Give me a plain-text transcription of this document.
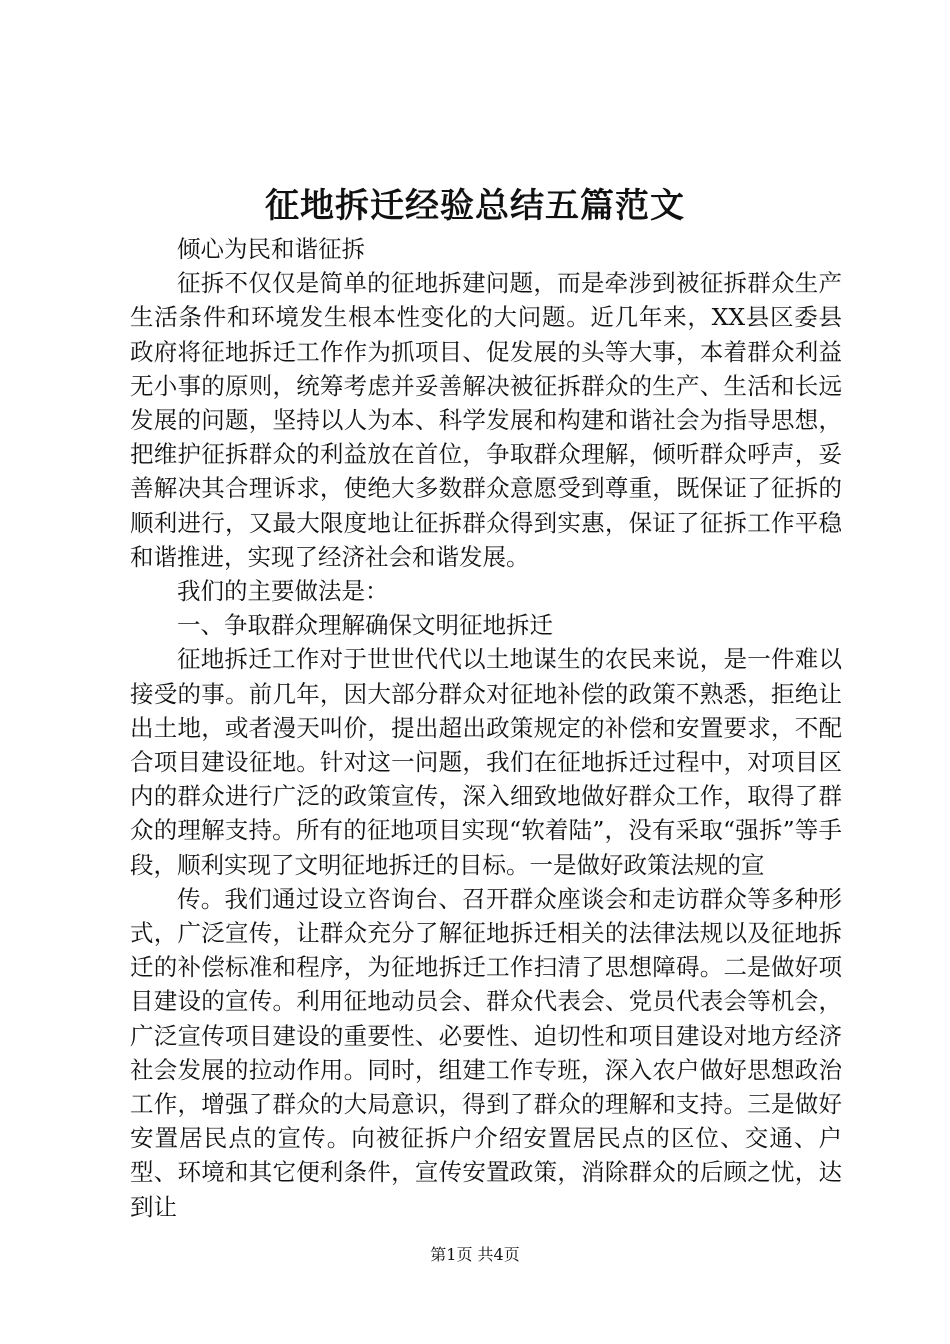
征地拆迁经验总结五篇范文

倾心为民和谐征拆

征拆不仅仅是简单的征地拆建问题，而是牵涉到被征拆群众生产生活条件和环境发生根本性变化的大问题。近几年来，XX县区委县政府将征地拆迁工作作为抓项目、促发展的头等大事，本着群众利益无小事的原则，统筹考虑并妥善解决被征拆群众的生产、生活和长远发展的问题，坚持以人为本、科学发展和构建和谐社会为指导思想，把维护征拆群众的利益放在首位，争取群众理解，倾听群众呼声，妥善解决其合理诉求，使绝大多数群众意愿受到尊重，既保证了征拆的顺利进行，又最大限度地让征拆群众得到实惠，保证了征拆工作平稳和谐推进，实现了经济社会和谐发展。

我们的主要做法是：

一、争取群众理解确保文明征地拆迁

征地拆迁工作对于世世代代以土地谋生的农民来说，是一件难以接受的事。前几年，因大部分群众对征地补偿的政策不熟悉，拒绝让出土地，或者漫天叫价，提出超出政策规定的补偿和安置要求，不配合项目建设征地。针对这一问题，我们在征地拆迁过程中，对项目区内的群众进行广泛的政策宣传，深入细致地做好群众工作，取得了群众的理解支持。所有的征地项目实现“软着陆”，没有采取“强拆”等手段，顺利实现了文明征地拆迁的目标。一是做好政策法规的宣

传。我们通过设立咨询台、召开群众座谈会和走访群众等多种形式，广泛宣传，让群众充分了解征地拆迁相关的法律法规以及征地拆迁的补偿标准和程序，为征地拆迁工作扫清了思想障碍。二是做好项目建设的宣传。利用征地动员会、群众代表会、党员代表会等机会，广泛宣传项目建设的重要性、必要性、迫切性和项目建设对地方经济社会发展的拉动作用。同时，组建工作专班，深入农户做好思想政治工作，增强了群众的大局意识，得到了群众的理解和支持。三是做好安置居民点的宣传。向被征拆户介绍安置居民点的区位、交通、户型、环境和其它便利条件，宣传安置政策，消除群众的后顾之忧，达到让

第1页 共4页
